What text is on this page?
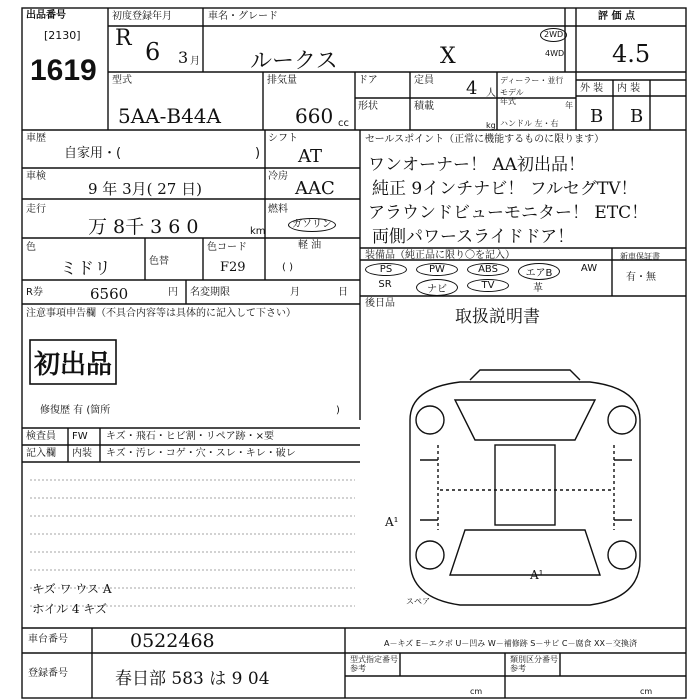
出品番号
[2130]
1619
初度登録年月
R 6 3 月
車名・グレード
ルークス	X
2WD
4WD
評 価 点
4.5
型式
5AA-B44A
排気量
660 cc
ドア	定員 4 人
ディーラー・並行
モデル年式	年
形状	積載
kg ハンドル 左・右
外 装 内 装
B B
車歴
自家用・(	)
シフト
AT
車検
9 年 3月( 27 日)
冷房
AAC
走行
万 8千 3 6 0	km
燃料
ガソリン
軽 油
( )
色
ミドリ	色替
色コード
F29
セールスポイント（正常に機能するものに限ります）
ワンオーナー！ AA初出品！
純正 9インチナビ！ フルセグTV！
アラウンドビューモニター！ ETC！
両側パワースライドドア！
装備品（純正品に限り〇を記入）
PS	PW	ABS	エアB	AW
SR	ナビ	TV	革
新車保証書
有・無
R券	6560	円 名変期限	月	日
注意事項申告欄（不具合内容等は具体的に記入して下さい）
初出品
修復歴 有 (箇所	)
後日品
取扱説明書
検査員
記入欄
FW キズ・飛石・ヒビ割・リペア跡・×要
内装 キズ・汚レ・コゲ・穴・スレ・キレ・破レ
キズ ワ ウス A
ホイル 4 キズ
A¹
A¹
スペア
A－キズ E－エクボ U－凹み W－補修跡 S－サビ C－腐食 XX－交換済
車台番号	0522468
登録番号	春日部 583 は 9 04
型式指定番号 参考
類別区分番号 参考
cm	cm
